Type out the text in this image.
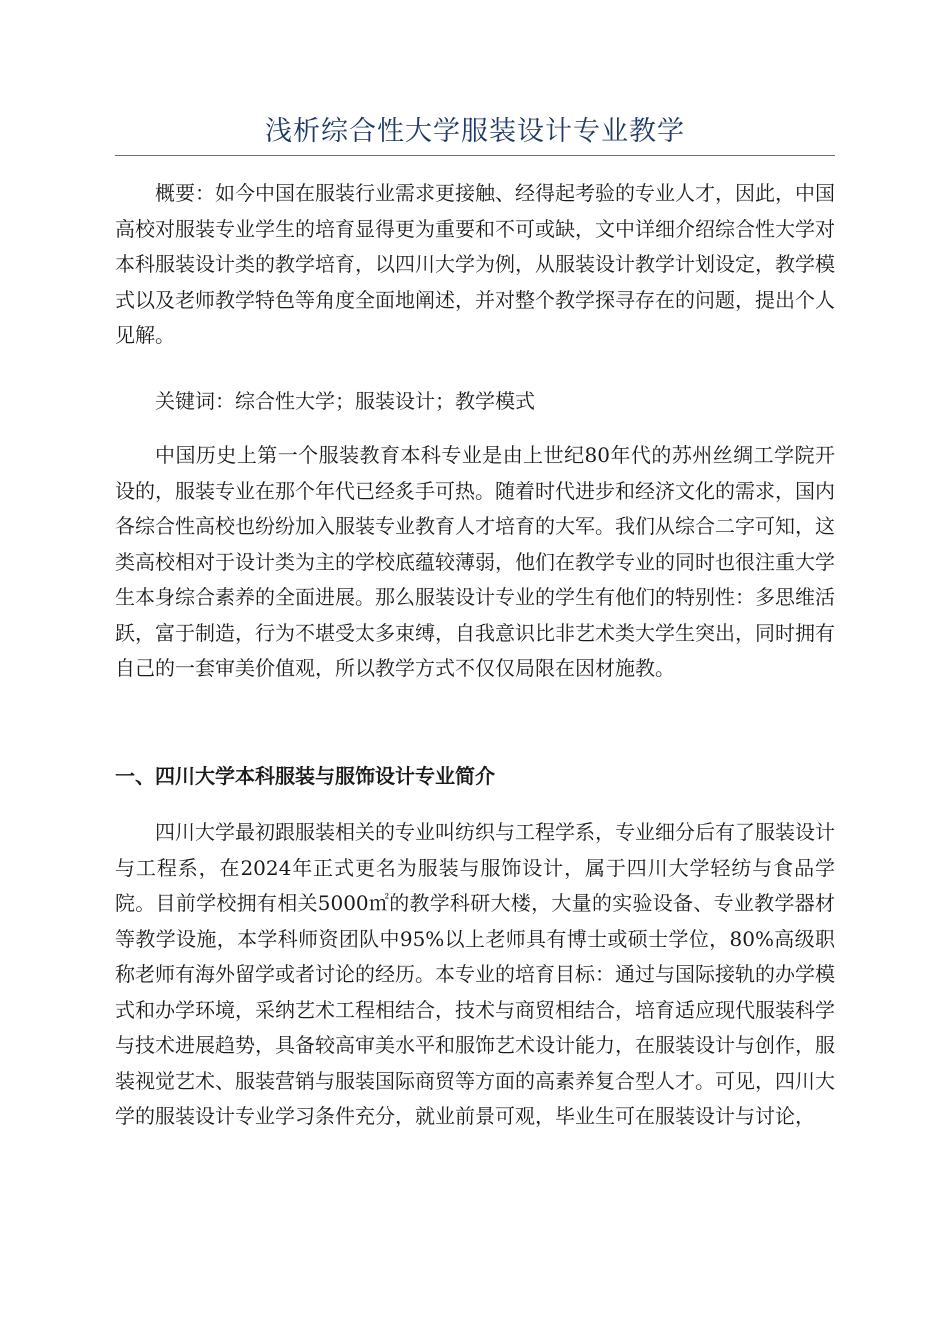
浅析综合性大学服装设计专业教学

概要：如今中国在服装行业需求更接触、经得起考验的专业人才，因此，中国高校对服装专业学生的培育显得更为重要和不可或缺，文中详细介绍综合性大学对本科服装设计类的教学培育，以四川大学为例，从服装设计教学计划设定，教学模式以及老师教学特色等角度全面地阐述，并对整个教学探寻存在的问题，提出个人见解。

关键词：综合性大学；服装设计；教学模式

中国历史上第一个服装教育本科专业是由上世纪80年代的苏州丝绸工学院开设的，服装专业在那个年代已经炙手可热。随着时代进步和经济文化的需求，国内各综合性高校也纷纷加入服装专业教育人才培育的大军。我们从综合二字可知，这类高校相对于设计类为主的学校底蕴较薄弱，他们在教学专业的同时也很注重大学生本身综合素养的全面进展。那么服装设计专业的学生有他们的特别性：多思维活跃，富于制造，行为不堪受太多束缚，自我意识比非艺术类大学生突出，同时拥有自己的一套审美价值观，所以教学方式不仅仅局限在因材施教。

一、四川大学本科服装与服饰设计专业简介

四川大学最初跟服装相关的专业叫纺织与工程学系，专业细分后有了服装设计与工程系，在2024年正式更名为服装与服饰设计，属于四川大学轻纺与食品学院。目前学校拥有相关5000㎡的教学科研大楼，大量的实验设备、专业教学器材等教学设施，本学科师资团队中95%以上老师具有博士或硕士学位，80%高级职称老师有海外留学或者讨论的经历。本专业的培育目标：通过与国际接轨的办学模式和办学环境，采纳艺术工程相结合，技术与商贸相结合，培育适应现代服装科学与技术进展趋势，具备较高审美水平和服饰艺术设计能力，在服装设计与创作，服装视觉艺术、服装营销与服装国际商贸等方面的高素养复合型人才。可见，四川大学的服装设计专业学习条件充分，就业前景可观，毕业生可在服装设计与讨论，
